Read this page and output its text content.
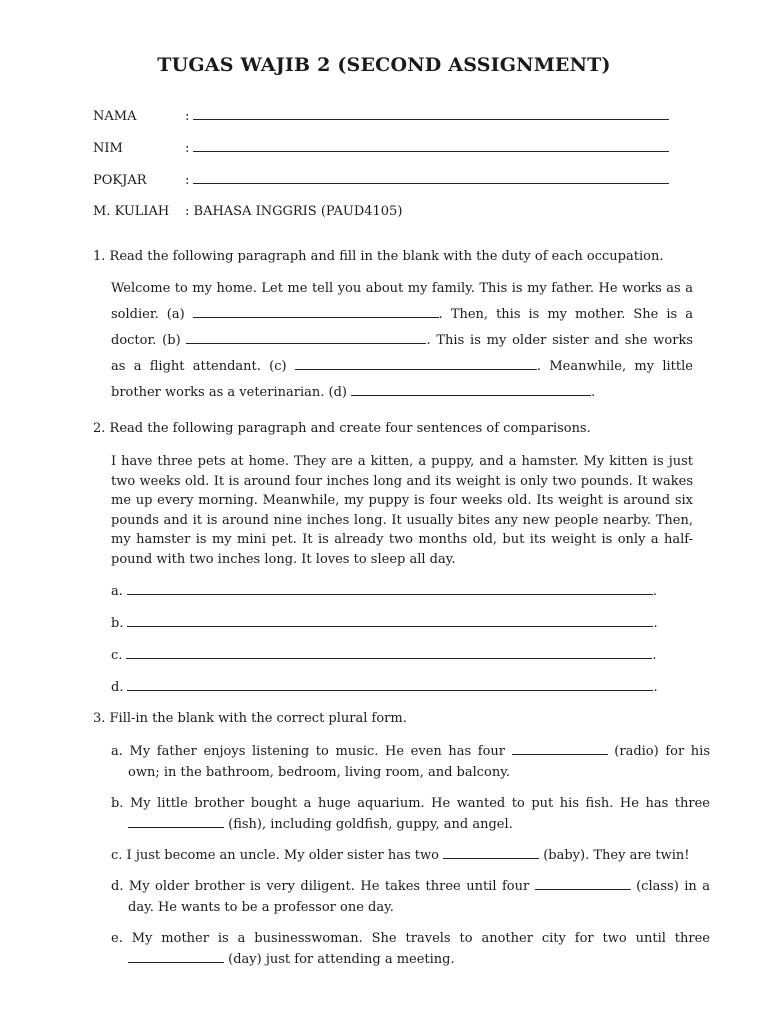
TUGAS WAJIB 2 (SECOND ASSIGNMENT)
NAMA	:
NIM	:
POKJAR	:
M. KULIAH : BAHASA INGGRIS (PAUD4105)
1. Read the following paragraph and fill in the blank with the duty of each occupation.
Welcome to my home. Let me tell you about my family. This is my father. He works as a soldier. (a)	. Then, this is my mother. She is a doctor. (b)	. This is my older sister and she works as a flight attendant. (c)	. Meanwhile, my little brother works as a veterinarian. (d)	.
2. Read the following paragraph and create four sentences of comparisons.
I have three pets at home. They are a kitten, a puppy, and a hamster. My kitten is just two weeks old. It is around four inches long and its weight is only two pounds. It wakes me up every morning. Meanwhile, my puppy is four weeks old. Its weight is around six pounds and it is around nine inches long. It usually bites any new people nearby. Then, my hamster is my mini pet. It is already two months old, but its weight is only a half-pound with two inches long. It loves to sleep all day.
a.	.
b.	.
c.	.
d.	.
3. Fill-in the blank with the correct plural form.
a. My father enjoys listening to music. He even has four	(radio) for his own; in the bathroom, bedroom, living room, and balcony.
b. My little brother bought a huge aquarium. He wanted to put his fish. He has three  (fish), including goldfish, guppy, and angel.
c. I just become an uncle. My older sister has two	(baby). They are twin!
d. My older brother is very diligent. He takes three until four	(class) in a day. He wants to be a professor one day.
e. My mother is a businesswoman. She travels to another city for two until three  (day) just for attending a meeting.
